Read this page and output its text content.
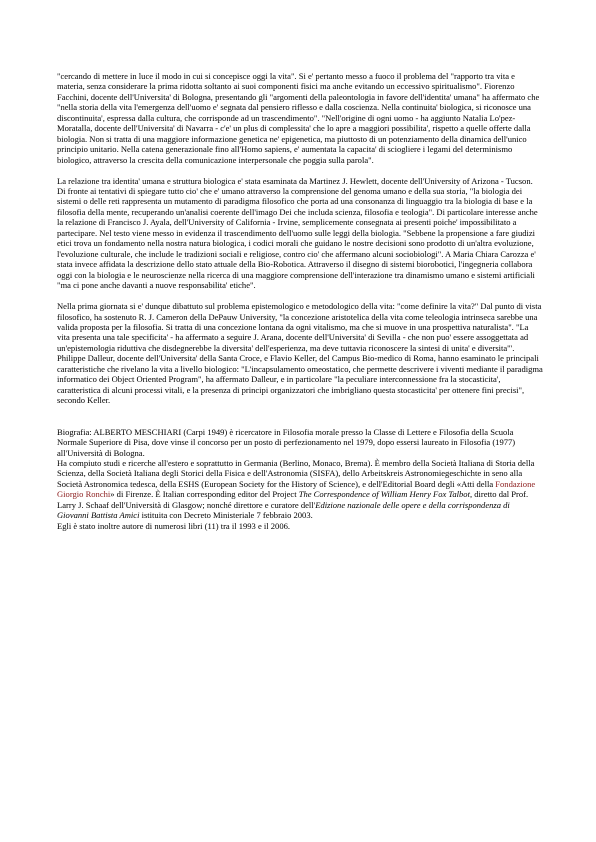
"cercando di mettere in luce il modo in cui si concepisce oggi la vita". Si e' pertanto messo a fuoco il problema del "rapporto tra vita e materia, senza considerare la prima ridotta soltanto ai suoi componenti fisici ma anche evitando un eccessivo spiritualismo". Fiorenzo Facchini, docente dell'Universita' di Bologna, presentando gli "argomenti della paleontologia in favore dell'identita' umana" ha affermato che "nella storia della vita l'emergenza dell'uomo e' segnata dal pensiero riflesso e dalla coscienza. Nella continuita' biologica, si riconosce una discontinuita', espressa dalla cultura, che corrisponde ad un trascendimento". "Nell'origine di ogni uomo - ha aggiunto Natalia Lo'pez-Moratalla, docente dell'Universita' di Navarra - c'e' un plus di complessita' che lo apre a maggiori possibilita', rispetto a quelle offerte dalla biologia. Non si tratta di una maggiore informazione genetica ne' epigenetica, ma piuttosto di un potenziamento della dinamica dell'unico principio unitario. Nella catena generazionale fino all'Homo sapiens, e' aumentata la capacita' di sciogliere i legami del determinismo biologico, attraverso la crescita della comunicazione interpersonale che poggia sulla parola".

La relazione tra identita' umana e struttura biologica e' stata esaminata da Martinez J. Hewlett, docente dell'University of Arizona - Tucson. Di fronte ai tentativi di spiegare tutto cio' che e' umano attraverso la comprensione del genoma umano e della sua storia, "la biologia dei sistemi o delle reti rappresenta un mutamento di paradigma filosofico che porta ad una consonanza di linguaggio tra la biologia di base e la filosofia della mente, recuperando un'analisi coerente dell'imago Dei che includa scienza, filosofia e teologia". Di particolare interesse anche la relazione di Francisco J. Ayala, dell'University of California - Irvine, semplicemente consegnata ai presenti poiche' impossibilitato a partecipare. Nel testo viene messo in evidenza il trascendimento dell'uomo sulle leggi della biologia. "Sebbene la propensione a fare giudizi etici trova un fondamento nella nostra natura biologica, i codici morali che guidano le nostre decisioni sono prodotto di un'altra evoluzione, l'evoluzione culturale, che include le tradizioni sociali e religiose, contro cio' che affermano alcuni sociobiologi". A Maria Chiara Carozza e' stata invece affidata la descrizione dello stato attuale della Bio-Robotica. Attraverso il disegno di sistemi biorobotici, l'ingegneria collabora oggi con la biologia e le neuroscienze nella ricerca di una maggiore comprensione dell'interazione tra dinamismo umano e sistemi artificiali "ma ci pone anche davanti a nuove responsabilita' etiche".

Nella prima giornata si e' dunque dibattuto sul problema epistemologico e metodologico della vita: "come definire la vita?" Dal punto di vista filosofico, ha sostenuto R. J. Cameron della DePauw University, "la concezione aristotelica della vita come teleologia intrinseca sarebbe una valida proposta per la filosofia. Si tratta di una concezione lontana da ogni vitalismo, ma che si muove in una prospettiva naturalista". "La vita presenta una tale specificita' - ha affermato a seguire J. Arana, docente dell'Universita' di Sevilla - che non puo' essere assoggettata ad un'epistemologia riduttiva che disdegnerebbe la diversita' dell'esperienza, ma deve tuttavia riconoscere la sintesi di unita' e diversita'". Philippe Dalleur, docente dell'Universita' della Santa Croce, e Flavio Keller, del Campus Bio-medico di Roma, hanno esaminato le principali caratteristiche che rivelano la vita a livello biologico: "L'incapsulamento omeostatico, che permette descrivere i viventi mediante il paradigma informatico dei Object Oriented Program", ha affermato Dalleur, e in particolare "la peculiare interconnessione fra la stocasticita', caratteristica di alcuni processi vitali, e la presenza di principi organizzatori che imbrigliano questa stocasticita' per ottenere fini precisi", secondo Keller.

Biografia: ALBERTO MESCHIARI (Carpi 1949) è ricercatore in Filosofia morale presso la Classe di Lettere e Filosofia della Scuola Normale Superiore di Pisa, dove vinse il concorso per un posto di perfezionamento nel 1979, dopo essersi laureato in Filosofia (1977) all'Università di Bologna.

Ha compiuto studi e ricerche all'estero e soprattutto in Germania (Berlino, Monaco, Brema). È membro della Società Italiana di Storia della Scienza, della Società Italiana degli Storici della Fisica e dell'Astronomia (SISFA), dello Arbeitskreis Astronomiegeschichte in seno alla Società Astronomica tedesca, della ESHS (European Society for the History of Science), e dell'Editorial Board degli «Atti della Fondazione Giorgio Ronchi» di Firenze. È Italian corresponding editor del Project The Correspondence of William Henry Fox Talbot, diretto dal Prof. Larry J. Schaaf dell'Università di Glasgow; nonché direttore e curatore dell'Edizione nazionale delle opere e della corrispondenza di Giovanni Battista Amici istituita con Decreto Ministeriale 7 febbraio 2003.

Egli è stato inoltre autore di numerosi libri (11) tra il 1993 e il 2006.
